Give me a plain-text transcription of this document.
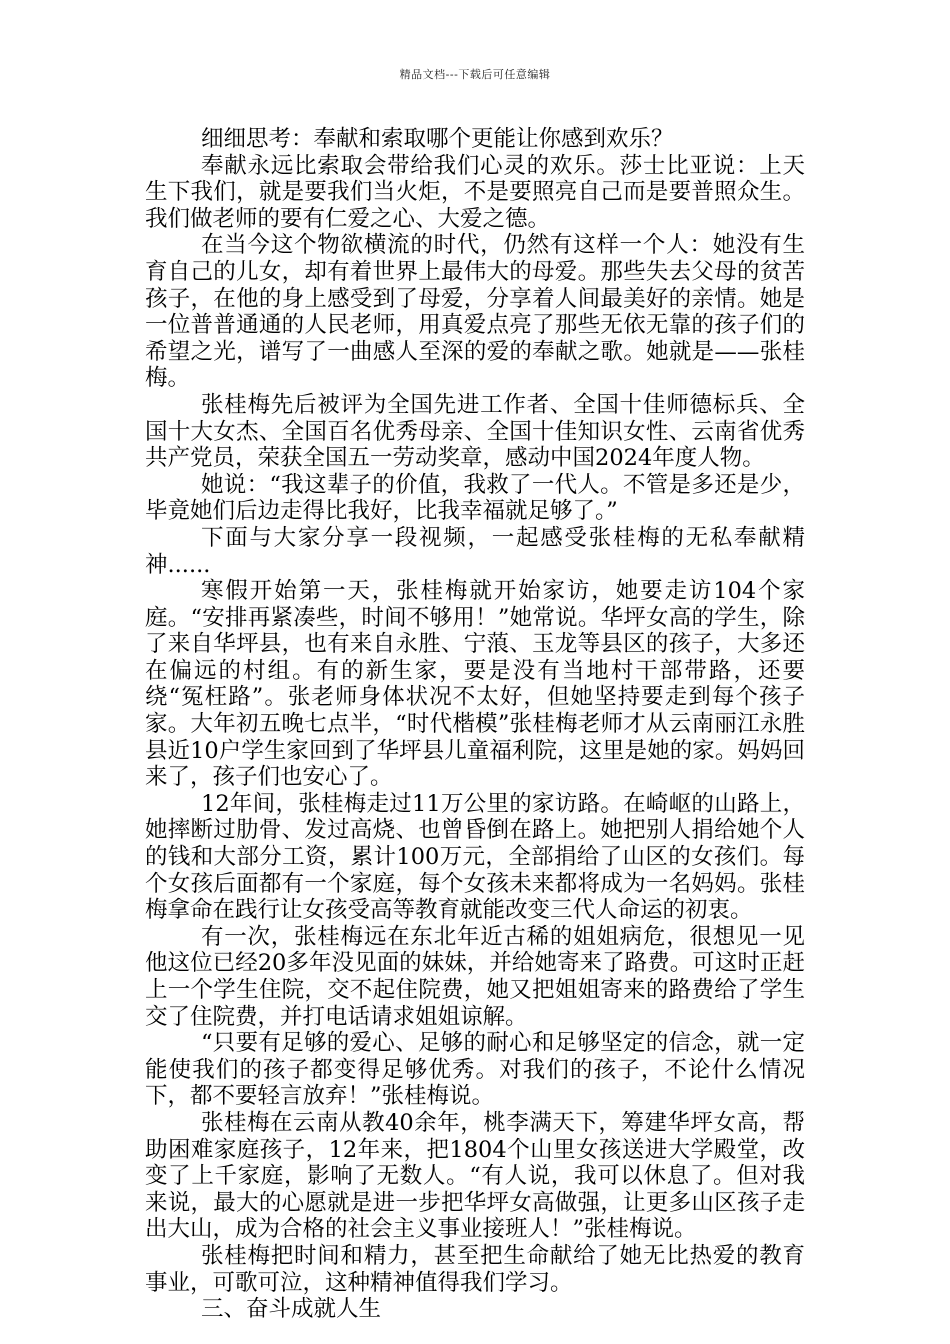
精品文档---下载后可任意编辑

细细思考：奉献和索取哪个更能让你感到欢乐？

奉献永远比索取会带给我们心灵的欢乐。莎士比亚说：上天生下我们，就是要我们当火炬，不是要照亮自己而是要普照众生。我们做老师的要有仁爱之心、大爱之德。

在当今这个物欲横流的时代，仍然有这样一个人：她没有生育自己的儿女，却有着世界上最伟大的母爱。那些失去父母的贫苦孩子，在他的身上感受到了母爱，分享着人间最美好的亲情。她是一位普普通通的人民老师，用真爱点亮了那些无依无靠的孩子们的希望之光，谱写了一曲感人至深的爱的奉献之歌。她就是——张桂梅。

张桂梅先后被评为全国先进工作者、全国十佳师德标兵、全国十大女杰、全国百名优秀母亲、全国十佳知识女性、云南省优秀共产党员，荣获全国五一劳动奖章，感动中国2024年度人物。

她说：“我这辈子的价值，我救了一代人。不管是多还是少，毕竟她们后边走得比我好，比我幸福就足够了。”

下面与大家分享一段视频，一起感受张桂梅的无私奉献精神......

寒假开始第一天，张桂梅就开始家访，她要走访104个家庭。“安排再紧凑些，时间不够用！”她常说。华坪女高的学生，除了来自华坪县，也有来自永胜、宁蒗、玉龙等县区的孩子，大多还在偏远的村组。有的新生家，要是没有当地村干部带路，还要绕“冤枉路”。张老师身体状况不太好，但她坚持要走到每个孩子家。大年初五晚七点半，“时代楷模”张桂梅老师才从云南丽江永胜县近10户学生家回到了华坪县儿童福利院，这里是她的家。妈妈回来了，孩子们也安心了。

12年间，张桂梅走过11万公里的家访路。在崎岖的山路上，她摔断过肋骨、发过高烧、也曾昏倒在路上。她把别人捐给她个人的钱和大部分工资，累计100万元，全部捐给了山区的女孩们。每个女孩后面都有一个家庭，每个女孩未来都将成为一名妈妈。张桂梅拿命在践行让女孩受高等教育就能改变三代人命运的初衷。

有一次，张桂梅远在东北年近古稀的姐姐病危，很想见一见他这位已经20多年没见面的妹妹，并给她寄来了路费。可这时正赶上一个学生住院，交不起住院费，她又把姐姐寄来的路费给了学生交了住院费，并打电话请求姐姐谅解。

“只要有足够的爱心、足够的耐心和足够坚定的信念，就一定能使我们的孩子都变得足够优秀。对我们的孩子，不论什么情况下，都不要轻言放弃！”张桂梅说。

张桂梅在云南从教40余年，桃李满天下，筹建华坪女高，帮助困难家庭孩子，12年来，把1804个山里女孩送进大学殿堂，改变了上千家庭，影响了无数人。“有人说，我可以休息了。但对我来说，最大的心愿就是进一步把华坪女高做强，让更多山区孩子走出大山，成为合格的社会主义事业接班人！”张桂梅说。

张桂梅把时间和精力，甚至把生命献给了她无比热爱的教育事业，可歌可泣，这种精神值得我们学习。

三、奋斗成就人生
